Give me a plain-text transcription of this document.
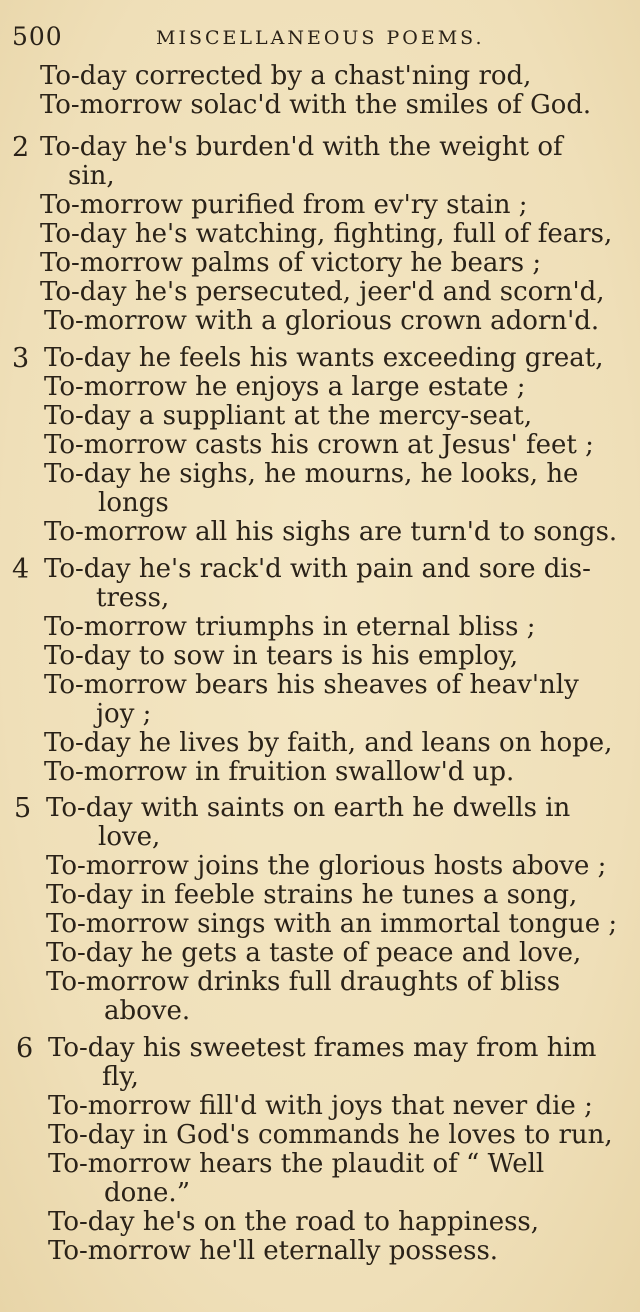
500	MISCELLANEOUS POEMS.
To-day corrected by a chast'ning rod,
To-morrow solac'd with the smiles of God.
2 To-day he's burden'd with the weight of
sin,
To-morrow purified from ev'ry stain ;
To-day he's watching, fighting, full of fears,
To-morrow palms of victory he bears ;
To-day he's persecuted, jeer'd and scorn'd,
To-morrow with a glorious crown adorn'd.
3 To-day he feels his wants exceeding great,
To-morrow he enjoys a large estate ;
To-day a suppliant at the mercy-seat,
To-morrow casts his crown at Jesus' feet ;
To-day he sighs, he mourns, he looks, he
longs
To-morrow all his sighs are turn'd to songs.
4 To-day he's rack'd with pain and sore dis-
tress,
To-morrow triumphs in eternal bliss ;
To-day to sow in tears is his employ,
To-morrow bears his sheaves of heav'nly
joy ;
To-day he lives by faith, and leans on hope,
To-morrow in fruition swallow'd up.
5 To-day with saints on earth he dwells in
love,
To-morrow joins the glorious hosts above ;
To-day in feeble strains he tunes a song,
To-morrow sings with an immortal tongue ;
To-day he gets a taste of peace and love,
To-morrow drinks full draughts of bliss
above.
6 To-day his sweetest frames may from him
fly,
To-morrow fill'd with joys that never die ;
To-day in God's commands he loves to run,
To-morrow hears the plaudit of “ Well
done.”
To-day he's on the road to happiness,
To-morrow he'll eternally possess.
